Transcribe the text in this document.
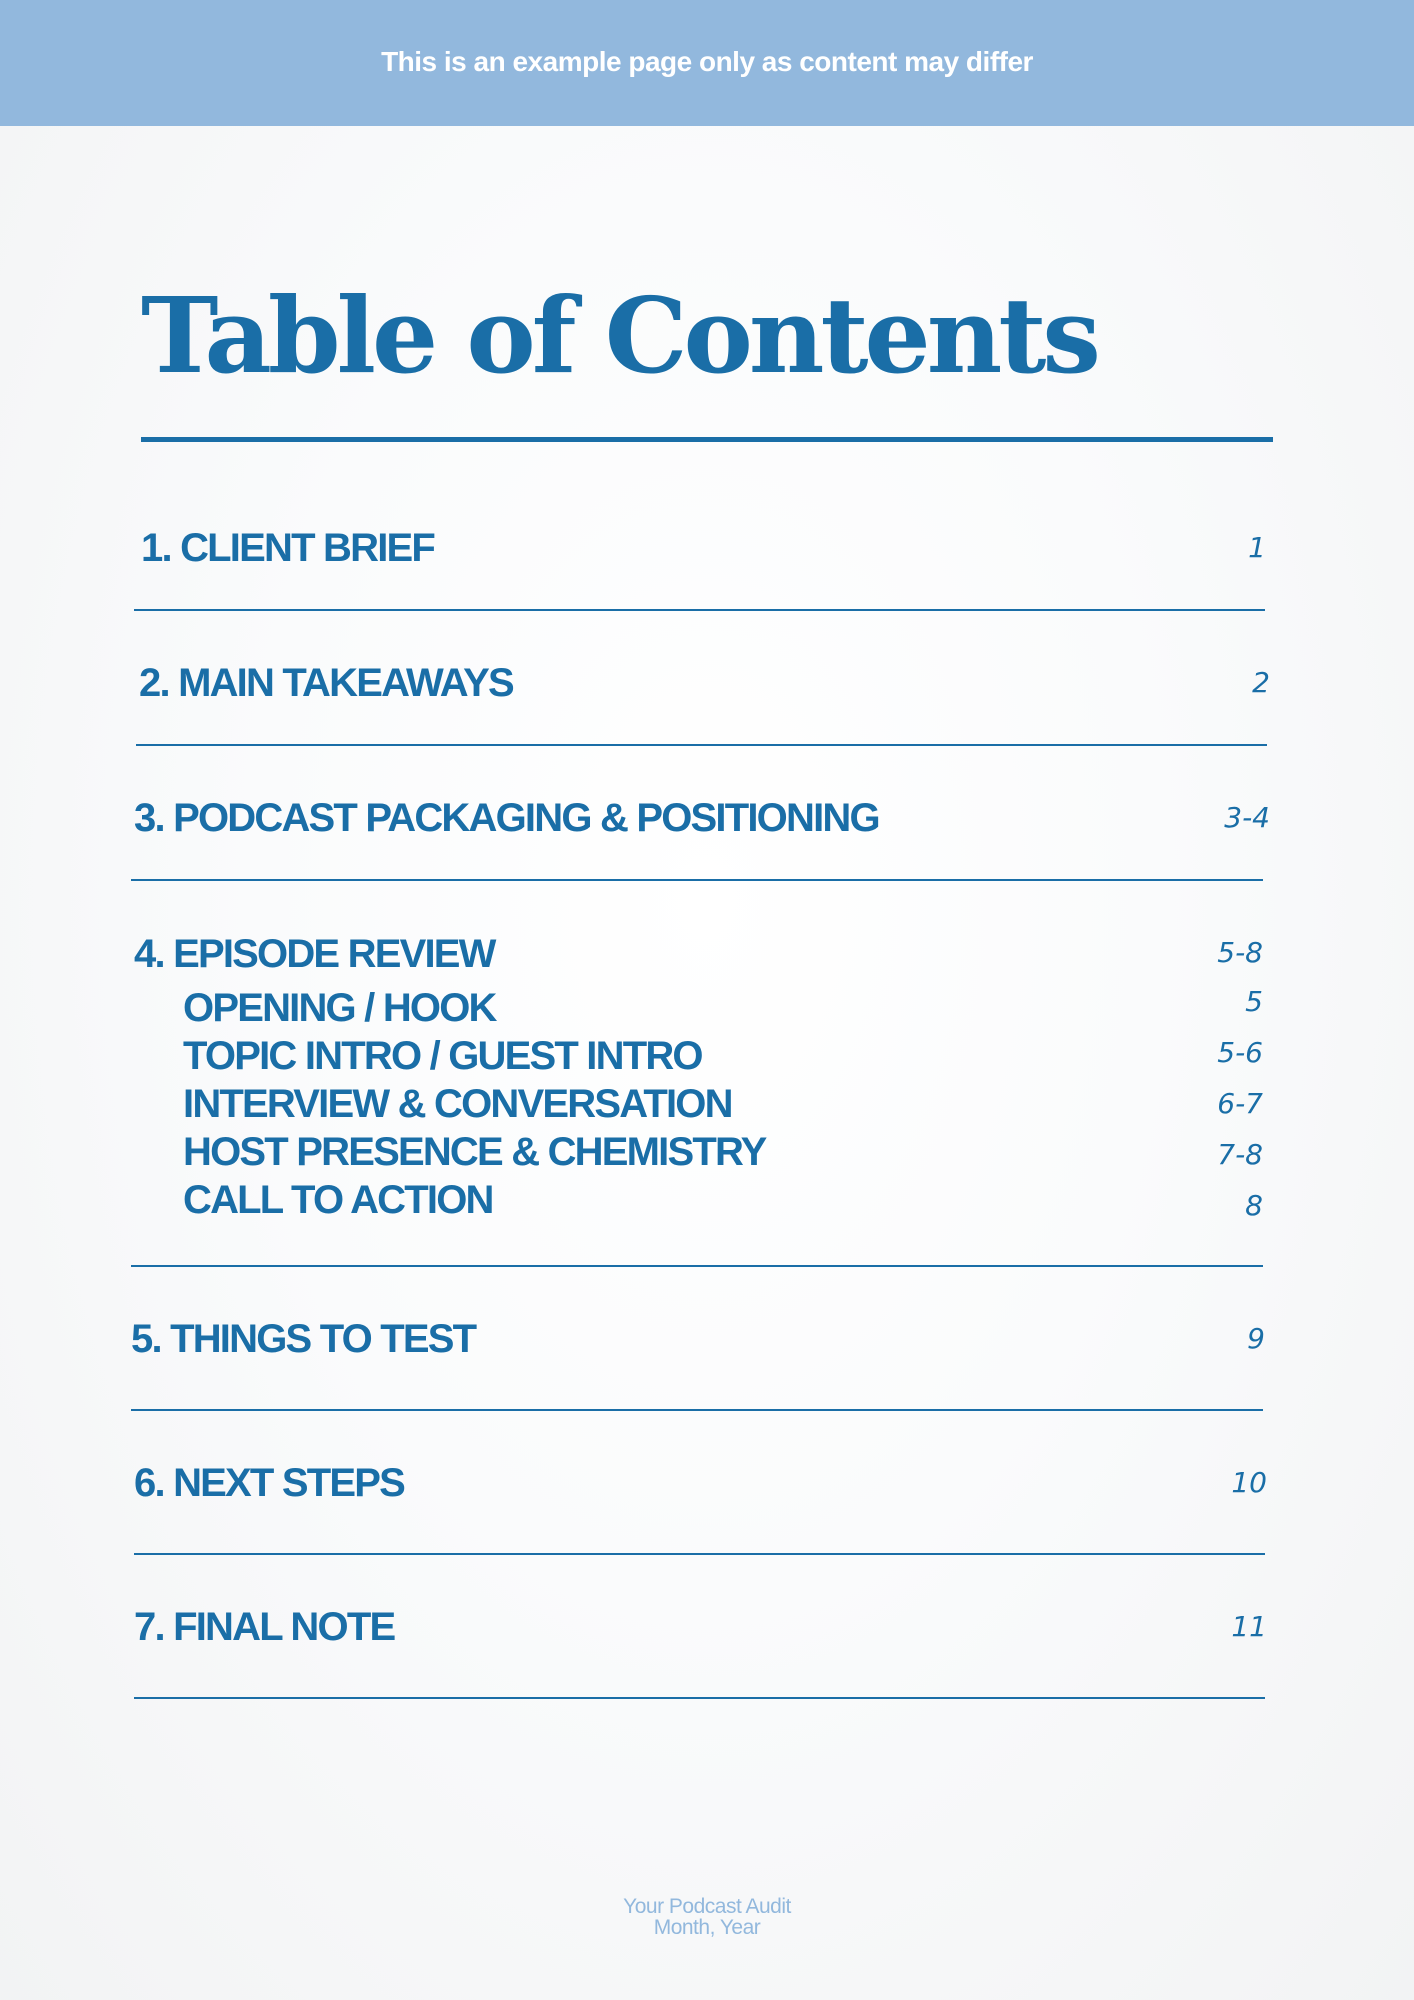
This is an example page only as content may differ
Table of Contents
1. CLIENT BRIEF	1
2. MAIN TAKEAWAYS	2
3. PODCAST PACKAGING & POSITIONING	3-4
4. EPISODE REVIEW	5-8
OPENING / HOOK	5
TOPIC INTRO / GUEST INTRO	5-6
INTERVIEW & CONVERSATION	6-7
HOST PRESENCE & CHEMISTRY	7-8
CALL TO ACTION	8
5. THINGS TO TEST	9
6. NEXT STEPS	10
7. FINAL NOTE	11
Your Podcast Audit
Month, Year
